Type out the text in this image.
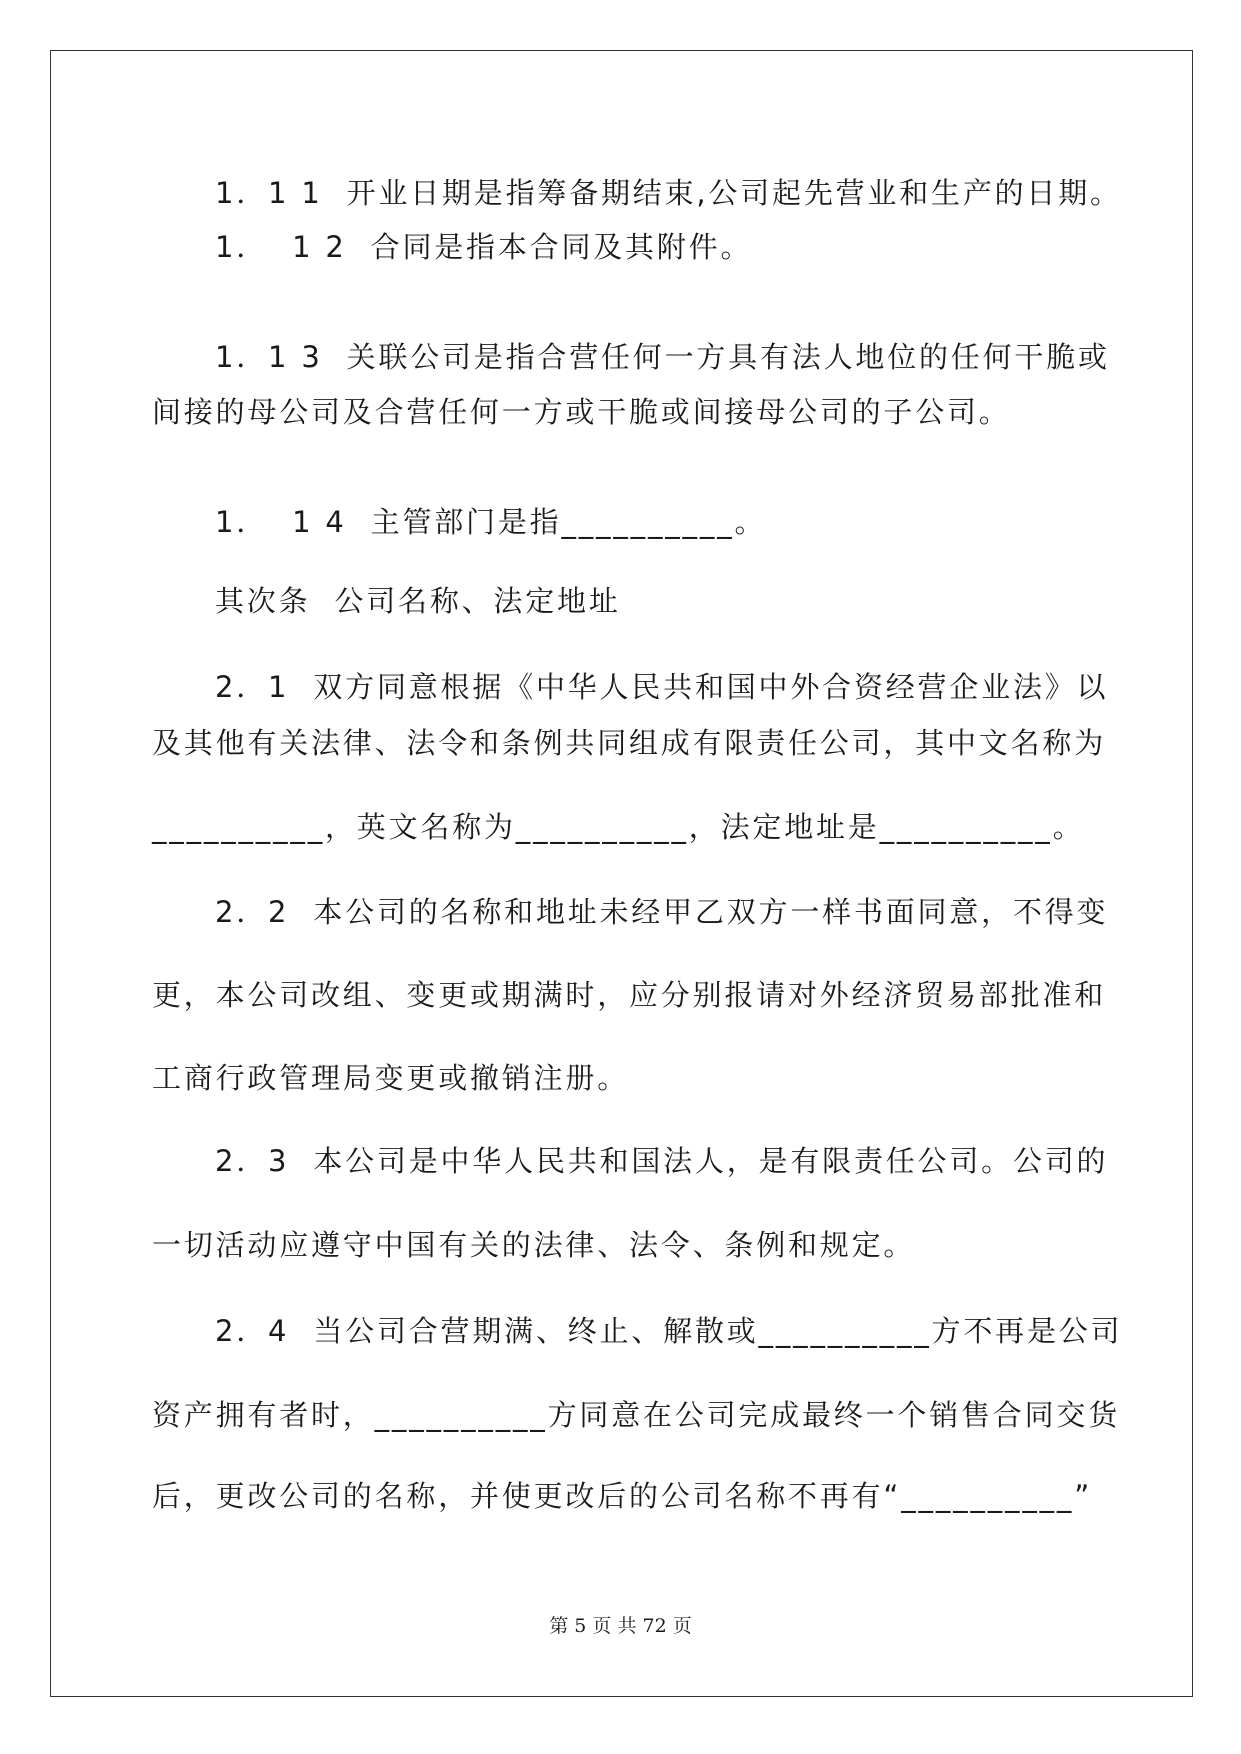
1．1 1  开业日期是指筹备期结束,公司起先营业和生产的日期。
1．  1 2  合同是指本合同及其附件。
1．1 3  关联公司是指合营任何一方具有法人地位的任何干脆或
间接的母公司及合营任何一方或干脆或间接母公司的子公司。
1．  1 4  主管部门是指__________。
其次条  公司名称、法定地址
2．1  双方同意根据《中华人民共和国中外合资经营企业法》以
及其他有关法律、法令和条例共同组成有限责任公司，其中文名称为
__________，英文名称为__________，法定地址是__________。
2．2  本公司的名称和地址未经甲乙双方一样书面同意，不得变
更，本公司改组、变更或期满时，应分别报请对外经济贸易部批准和
工商行政管理局变更或撤销注册。
2．3  本公司是中华人民共和国法人，是有限责任公司。公司的
一切活动应遵守中国有关的法律、法令、条例和规定。
2．4  当公司合营期满、终止、解散或__________方不再是公司
资产拥有者时，__________方同意在公司完成最终一个销售合同交货
后，更改公司的名称，并使更改后的公司名称不再有“__________”
第 5 页 共 72 页
